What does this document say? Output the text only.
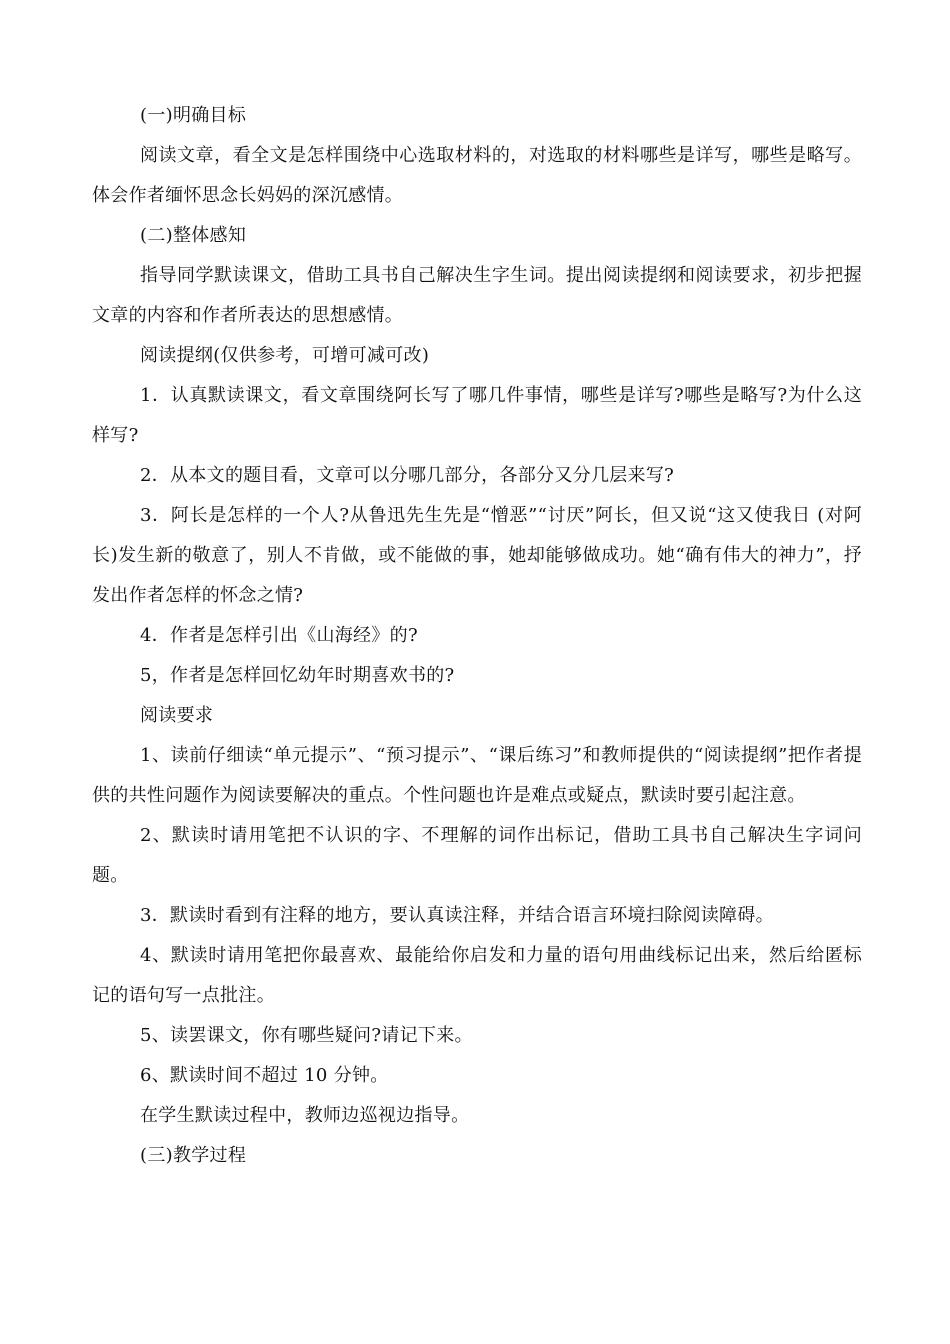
(一)明确目标

阅读文章，看全文是怎样围绕中心选取材料的，对选取的材料哪些是详写，哪些是略写。体会作者缅怀思念长妈妈的深沉感情。

(二)整体感知

指导同学默读课文，借助工具书自己解决生字生词。提出阅读提纲和阅读要求，初步把握文章的内容和作者所表达的思想感情。

阅读提纲(仅供参考，可增可减可改)

1．认真默读课文，看文章围绕阿长写了哪几件事情，哪些是详写?哪些是略写?为什么这样写?

2．从本文的题目看，文章可以分哪几部分，各部分又分几层来写?

3．阿长是怎样的一个人?从鲁迅先生先是“憎恶”“讨厌”阿长，但又说“这又使我日 (对阿长)发生新的敬意了，别人不肯做，或不能做的事，她却能够做成功。她“确有伟大的神力”，抒发出作者怎样的怀念之情?

4．作者是怎样引出《山海经》的?

5，作者是怎样回忆幼年时期喜欢书的?

阅读要求

1、读前仔细读“单元提示”、“预习提示”、“课后练习”和教师提供的“阅读提纲”把作者提供的共性问题作为阅读要解决的重点。个性问题也许是难点或疑点，默读时要引起注意。

2、默读时请用笔把不认识的字、不理解的词作出标记，借助工具书自己解决生字词问题。

3．默读时看到有注释的地方，要认真读注释，并结合语言环境扫除阅读障碍。

4、默读时请用笔把你最喜欢、最能给你启发和力量的语句用曲线标记出来，然后给匿标记的语句写一点批注。

5、读罢课文，你有哪些疑问?请记下来。

6、默读时间不超过 10 分钟。

在学生默读过程中，教师边巡视边指导。

(三)教学过程
